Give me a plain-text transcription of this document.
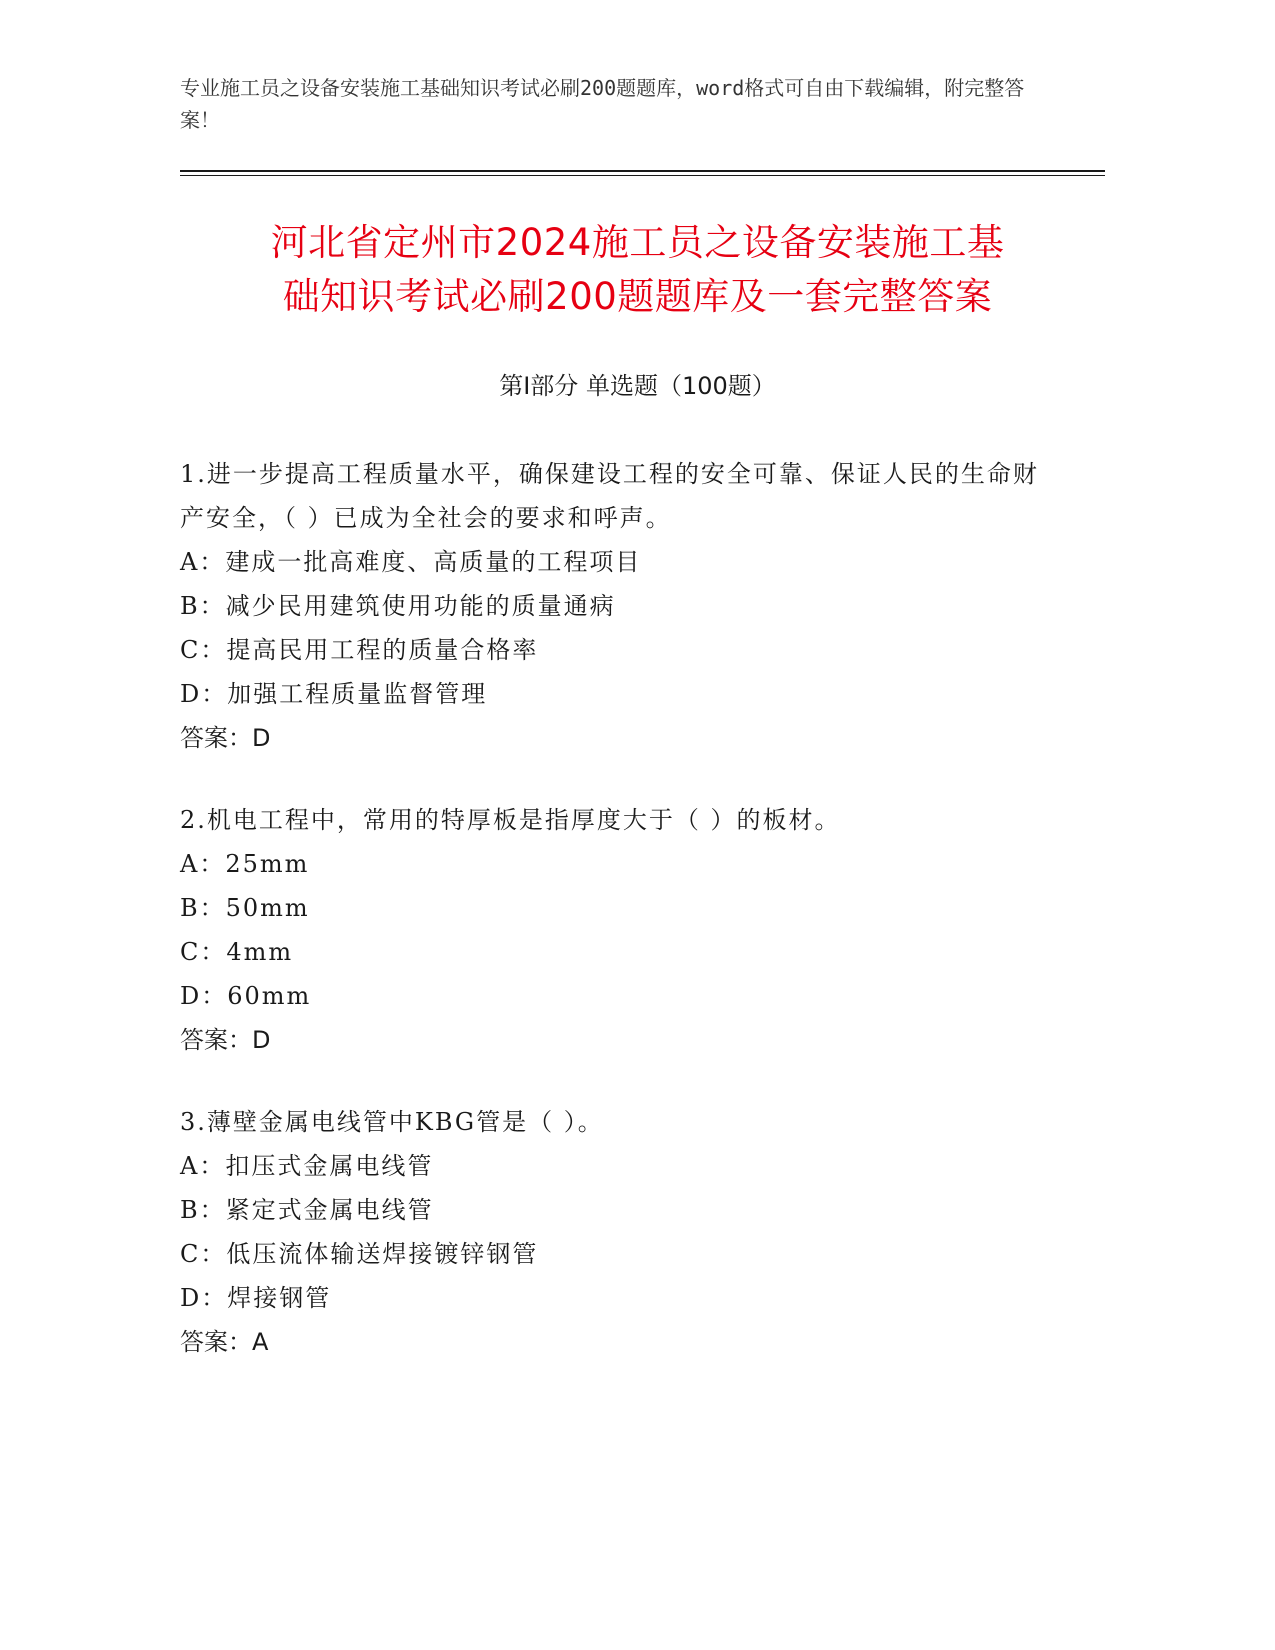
专业施工员之设备安装施工基础知识考试必刷200题题库，word格式可自由下载编辑，附完整答案！
河北省定州市2024施工员之设备安装施工基
础知识考试必刷200题题库及一套完整答案
第Ⅰ部分 单选题（100题）
1.进一步提高工程质量水平，确保建设工程的安全可靠、保证人民的生命财产安全，（ ）已成为全社会的要求和呼声。
A：建成一批高难度、高质量的工程项目
B：减少民用建筑使用功能的质量通病
C：提高民用工程的质量合格率
D：加强工程质量监督管理
答案：D
2.机电工程中，常用的特厚板是指厚度大于（ ）的板材。
A：25mm
B：50mm
C：4mm
D：60mm
答案：D
3.薄壁金属电线管中KBG管是（ ）。
A：扣压式金属电线管
B：紧定式金属电线管
C：低压流体输送焊接镀锌钢管
D：焊接钢管
答案：A
